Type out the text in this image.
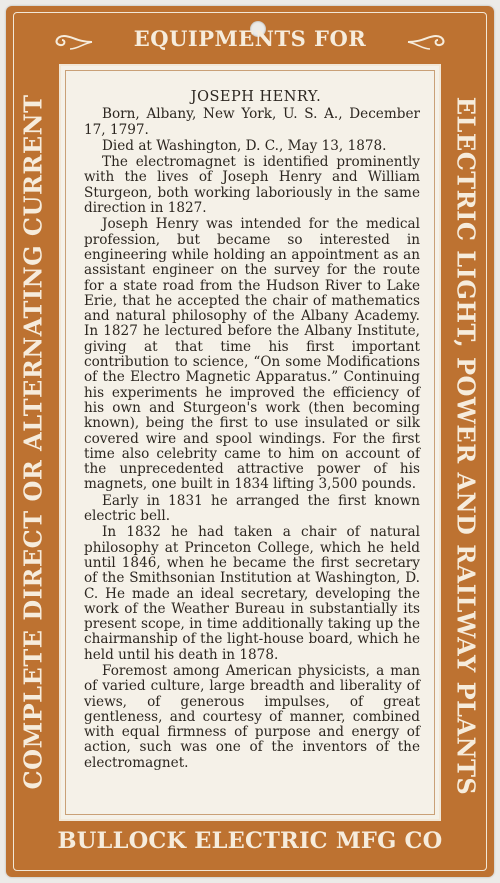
EQUIPMENTS FOR
ELECTRIC LIGHT, POWER AND RAILWAY PLANTS
BULLOCK ELECTRIC MFG CO
COMPLETE DIRECT OR ALTERNATING CURRENT	JOSEPH HENRY.

Born, Albany, New York, U. S. A., December 17, 1797.

Died at Washington, D. C., May 13, 1878.

The electromagnet is identified prominently with the lives of Joseph Henry and William Sturgeon, both working laboriously in the same direction in 1827.

Joseph Henry was intended for the medical profession, but became so interested in engineering while holding an appointment as an assistant engineer on the survey for the route for a state road from the Hudson River to Lake Erie, that he accepted the chair of mathematics and natural philosophy of the Albany Academy. In 1827 he lectured before the Albany Institute, giving at that time his first important contribution to science, “On some Modifications of the Electro Magnetic Apparatus.” Continuing his experiments he improved the efficiency of his own and Sturgeon's work (then becoming known), being the first to use insulated or silk covered wire and spool windings. For the first time also celebrity came to him on account of the unprecedented attractive power of his magnets, one built in 1834 lifting 3,500 pounds.

Early in 1831 he arranged the first known electric bell.

In 1832 he had taken a chair of natural philosophy at Princeton College, which he held until 1846, when he became the first secretary of the Smithsonian Institution at Washington, D. C. He made an ideal secretary, developing the work of the Weather Bureau in substantially its present scope, in time additionally taking up the chairmanship of the light-house board, which he held until his death in 1878.

Foremost among American physicists, a man of varied culture, large breadth and liberality of views, of generous impulses, of great gentleness, and courtesy of manner, combined with equal firmness of purpose and energy of action, such was one of the inventors of the electromagnet.
